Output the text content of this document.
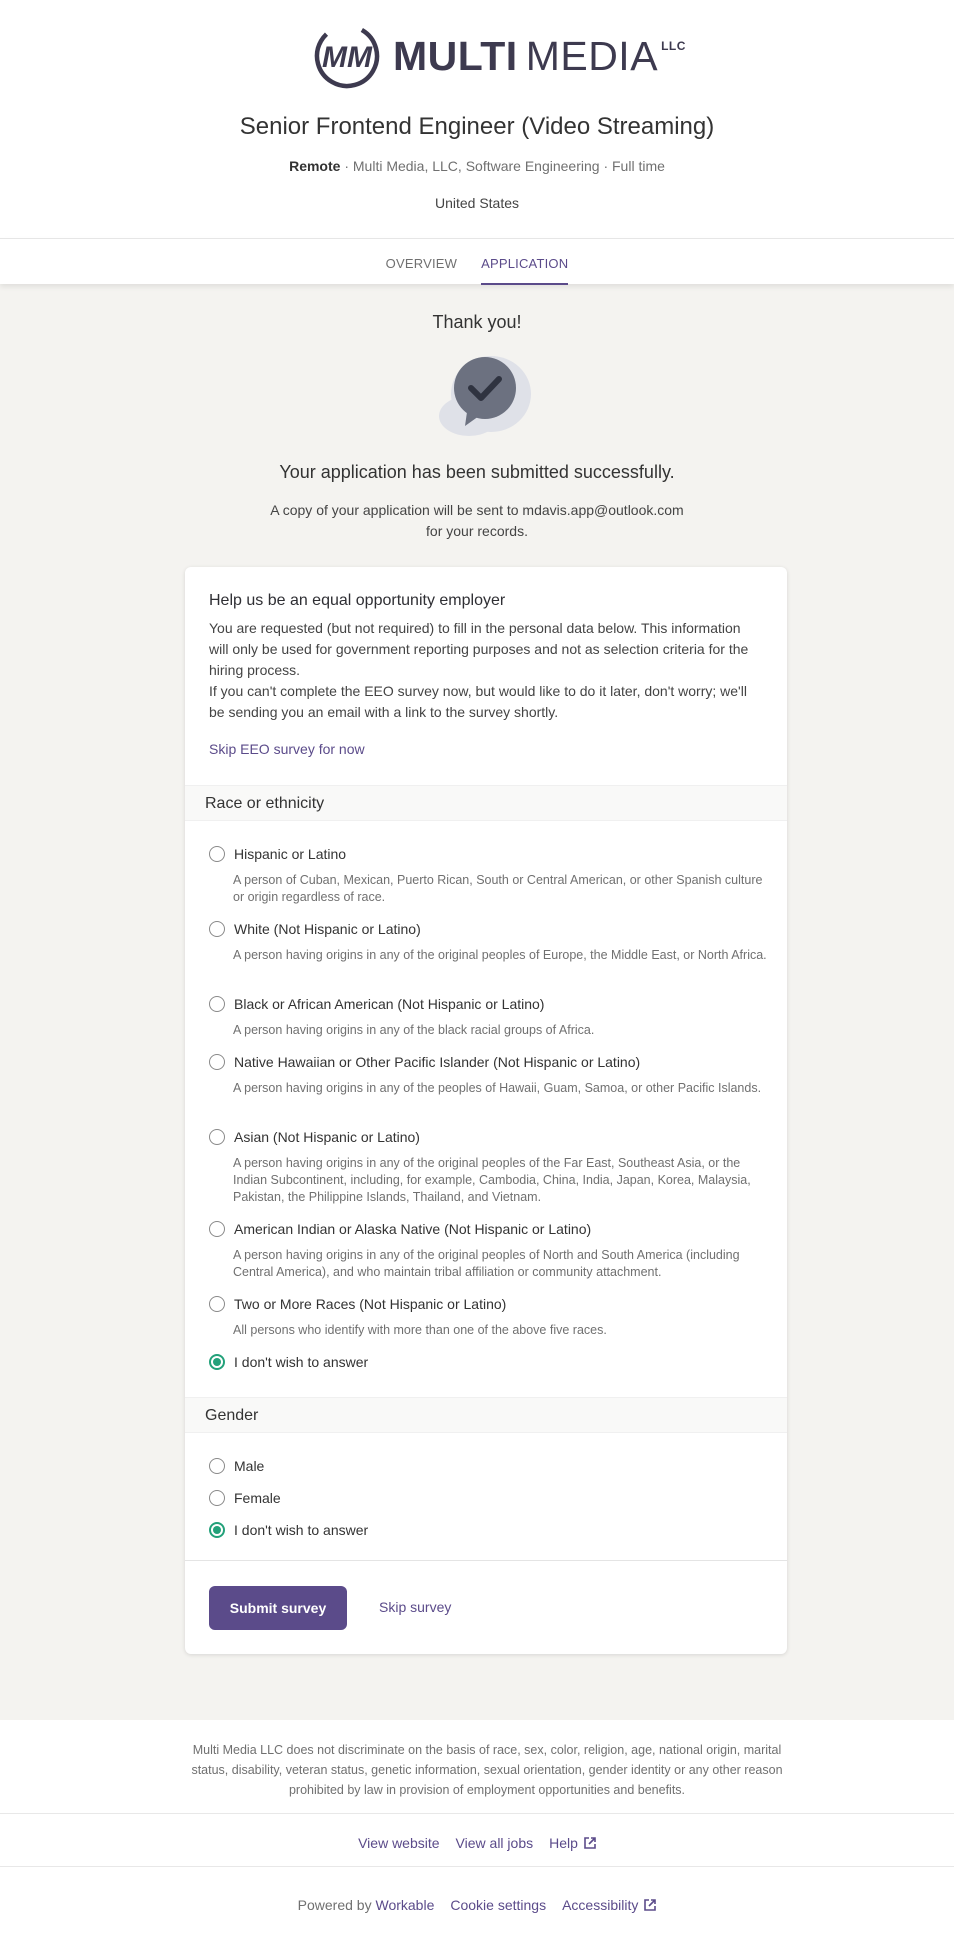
MM MULTI MEDIA LLC
Senior Frontend Engineer (Video Streaming)
Remote · Multi Media, LLC, Software Engineering · Full time
United States
OVERVIEW APPLICATION
Thank you!
Your application has been submitted successfully.
A copy of your application will be sent to mdavis.app@outlook.com for your records.
Help us be an equal opportunity employer

You are requested (but not required) to fill in the personal data below. This information will only be used for government reporting purposes and not as selection criteria for the hiring process.

If you can't complete the EEO survey now, but would like to do it later, don't worry; we'll be sending you an email with a link to the survey shortly.

Skip EEO survey for now
Race or ethnicity
Hispanic or Latino
A person of Cuban, Mexican, Puerto Rican, South or Central American, or other Spanish culture or origin regardless of race.
White (Not Hispanic or Latino)
A person having origins in any of the original peoples of Europe, the Middle East, or North Africa.
Black or African American (Not Hispanic or Latino)
A person having origins in any of the black racial groups of Africa.
Native Hawaiian or Other Pacific Islander (Not Hispanic or Latino)
A person having origins in any of the peoples of Hawaii, Guam, Samoa, or other Pacific Islands.
Asian (Not Hispanic or Latino)
A person having origins in any of the original peoples of the Far East, Southeast Asia, or the Indian Subcontinent, including, for example, Cambodia, China, India, Japan, Korea, Malaysia, Pakistan, the Philippine Islands, Thailand, and Vietnam.
American Indian or Alaska Native (Not Hispanic or Latino)
A person having origins in any of the original peoples of North and South America (including Central America), and who maintain tribal affiliation or community attachment.
Two or More Races (Not Hispanic or Latino)
All persons who identify with more than one of the above five races.
I don't wish to answer
Gender
Male
Female
I don't wish to answer
Submit survey	Skip survey
Multi Media LLC does not discriminate on the basis of race, sex, color, religion, age, national origin, marital status, disability, veteran status, genetic information, sexual orientation, gender identity or any other reason prohibited by law in provision of employment opportunities and benefits.
View website View all jobs Help
Powered by Workable Cookie settings Accessibility
